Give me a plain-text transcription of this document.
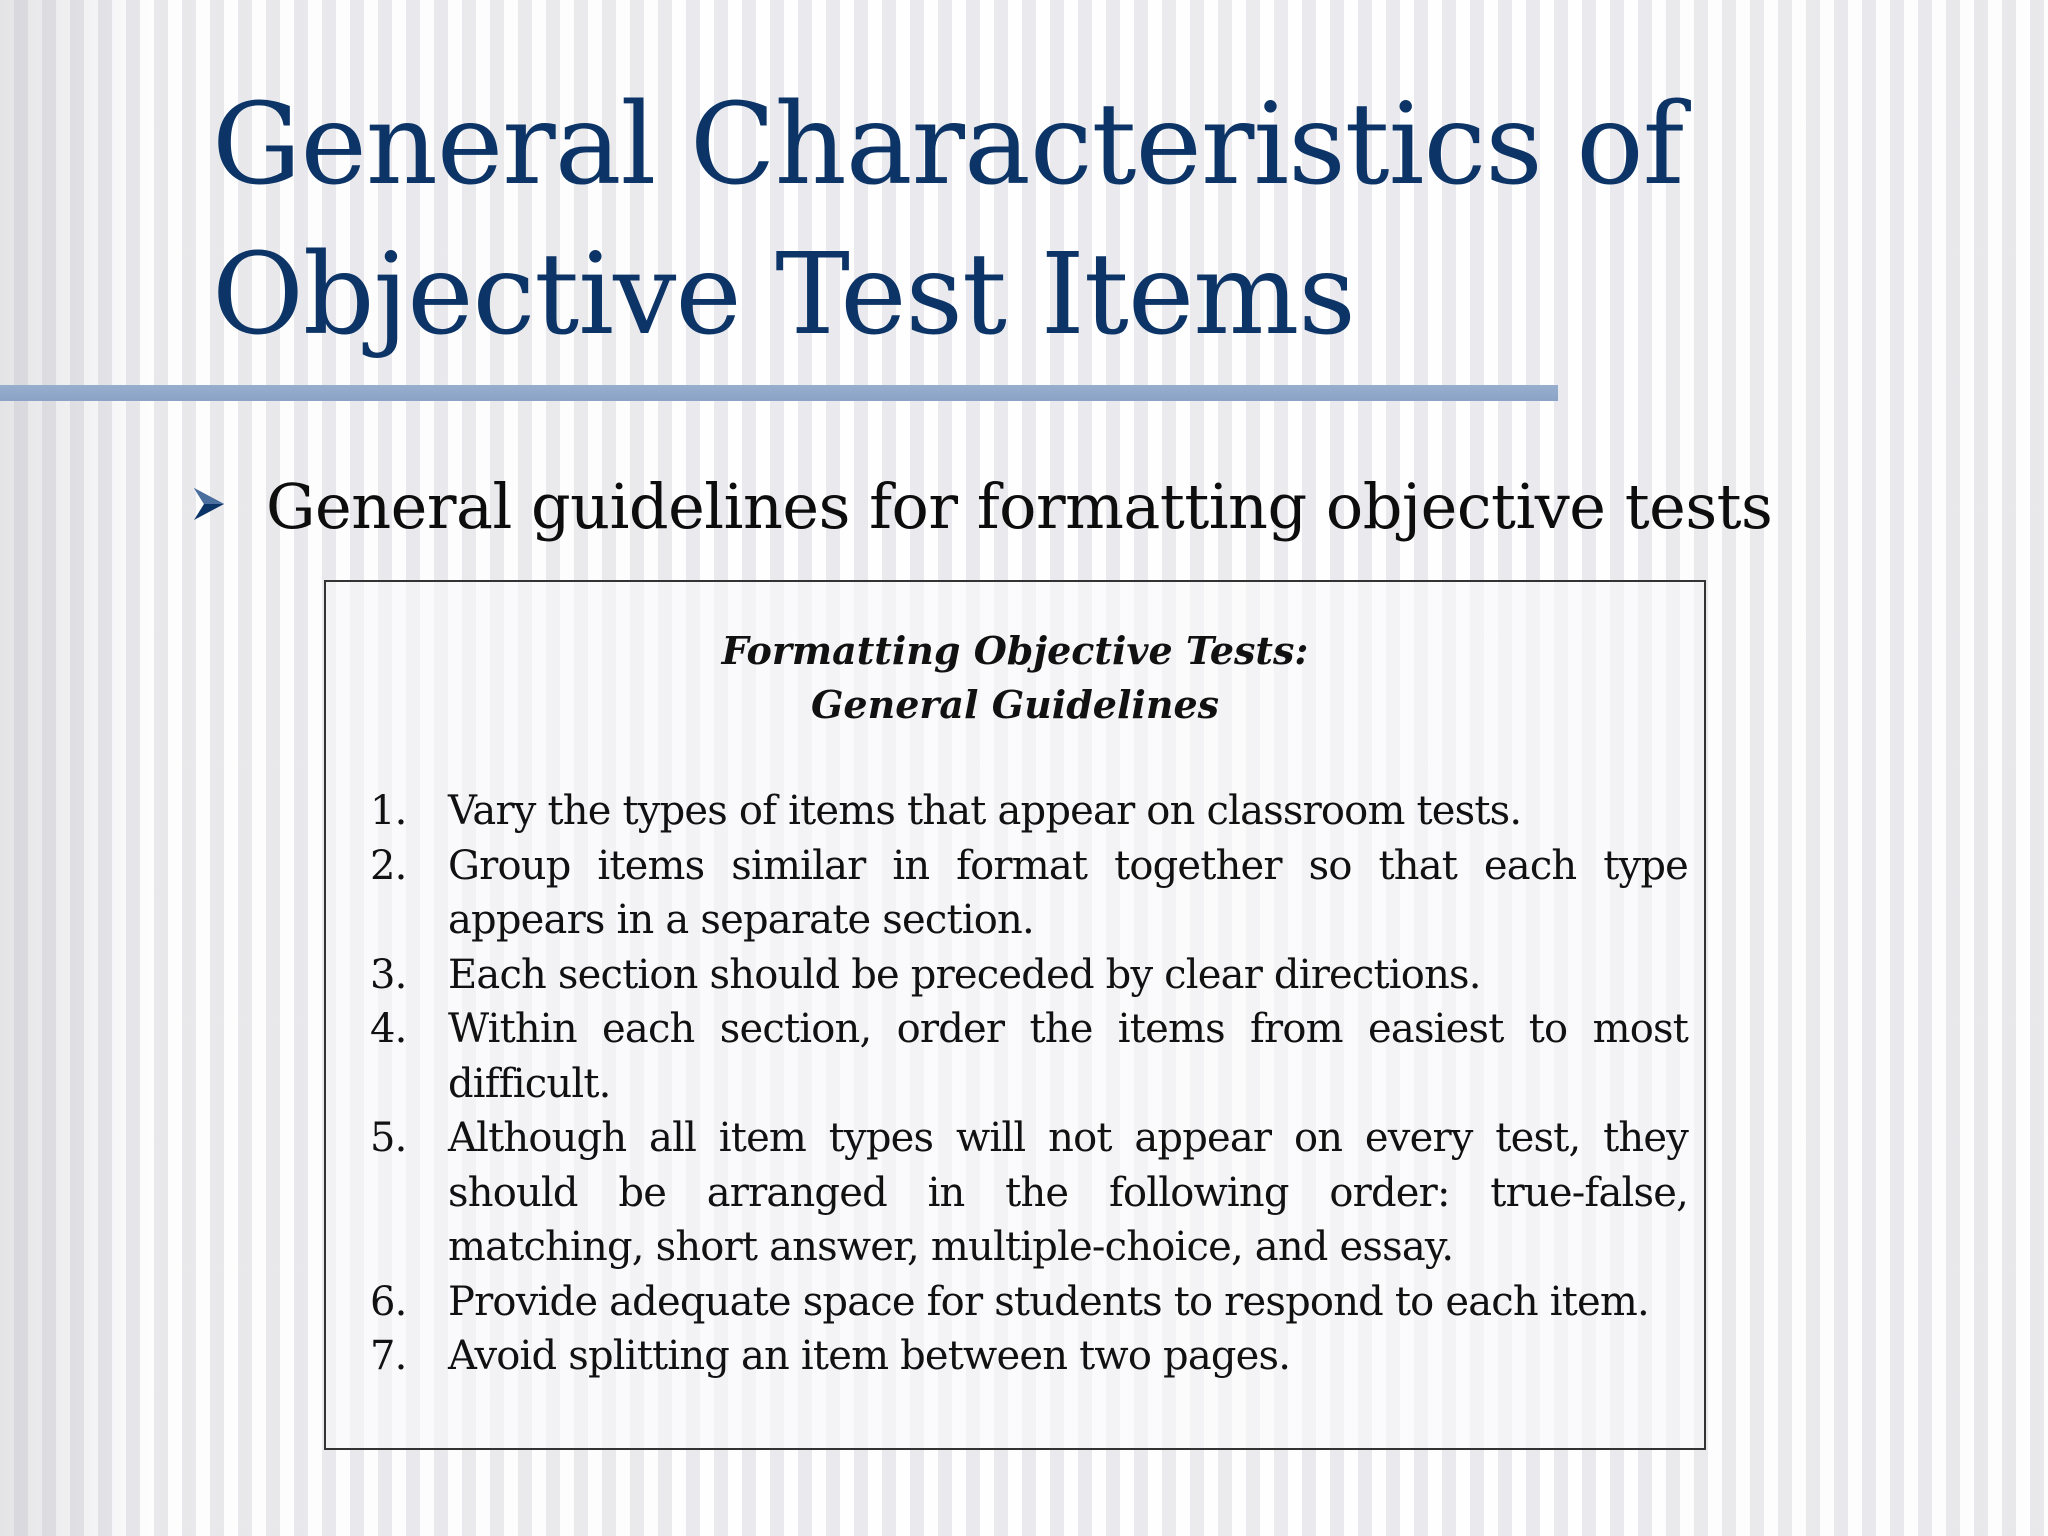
General Characteristics of
Objective Test Items
General guidelines for formatting objective tests
Formatting Objective Tests:
General Guidelines
1.	Vary the types of items that appear on classroom tests.
2.	Group items similar in format together so that each type appears in a separate section.
3.	Each section should be preceded by clear directions.
4.	Within each section, order the items from easiest to most difficult.
5.	Although all item types will not appear on every test, they should be arranged in the following order: true-false, matching, short answer, multiple-choice, and essay.
6.	Provide adequate space for students to respond to each item.
7.	Avoid splitting an item between two pages.
